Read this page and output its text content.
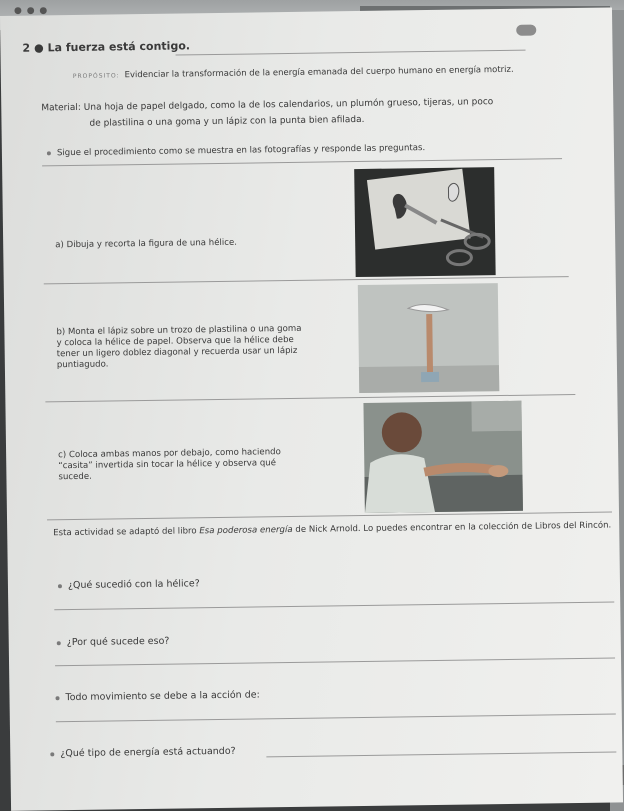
● ● ●
2 ● La fuerza está contigo.
PROPÓSITO: Evidenciar la transformación de la energía emanada del cuerpo humano en energía motriz.

Material: Una hoja de papel delgado, como la de los calendarios, un plumón grueso, tijeras, un poco

de plastilina o una goma y un lápiz con la punta bien afilada.

Sigue el procedimiento como se muestra en las fotografías y responde las preguntas.
a) Dibuja y recorta la figura de una hélice.
b) Monta el lápiz sobre un trozo de plastilina o una goma y coloca la hélice de papel. Observa que la hélice debe tener un ligero doblez diagonal y recuerda usar un lápiz puntiagudo.
c) Coloca ambas manos por debajo, como haciendo “casita” invertida sin tocar la hélice y observa qué sucede.
Esta actividad se adaptó del libro Esa poderosa energía de Nick Arnold. Lo puedes encontrar en la colección de Libros del Rincón.
¿Qué sucedió con la hélice?
¿Por qué sucede eso?
Todo movimiento se debe a la acción de:
¿Qué tipo de energía está actuando?
